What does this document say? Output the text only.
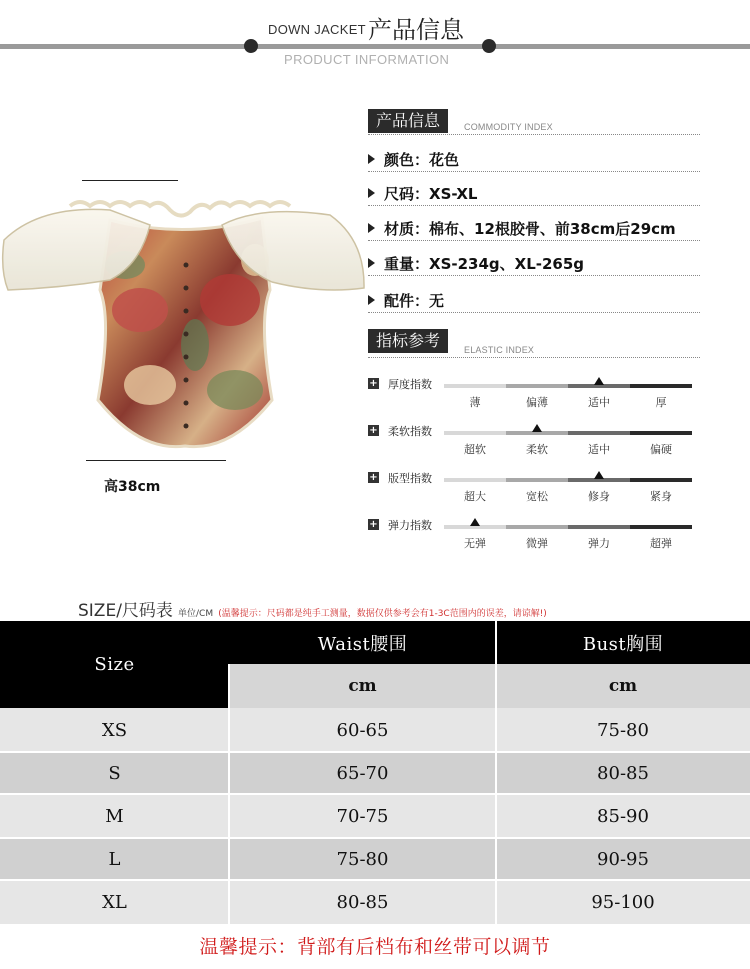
DOWN JACKET 产品信息
PRODUCT INFORMATION
高38cm
产品信息	COMMODITY INDEX
颜色：花色
尺码：XS-XL
材质：棉布、12根胶骨、前38cm后29cm
重量：XS-234g、XL-265g
配件：无
指标参考	ELASTIC INDEX
+ 厚度指数
薄	偏薄	适中	厚
+ 柔软指数
超软	柔软	适中	偏硬
+ 版型指数
超大	宽松	修身	紧身
+ 弹力指数
无弹	微弹	弹力	超弹
SIZE/尺码表 单位/CM (温馨提示：尺码都是纯手工测量，数据仅供参考会有1-3C范围内的误差，请谅解!)
Size
Waist腰围	Bust胸围
cm	cm
XS	60-65	75-80
S	65-70	80-85
M	70-75	85-90
L	75-80	90-95
XL	80-85	95-100
温馨提示：背部有后档布和丝带可以调节
